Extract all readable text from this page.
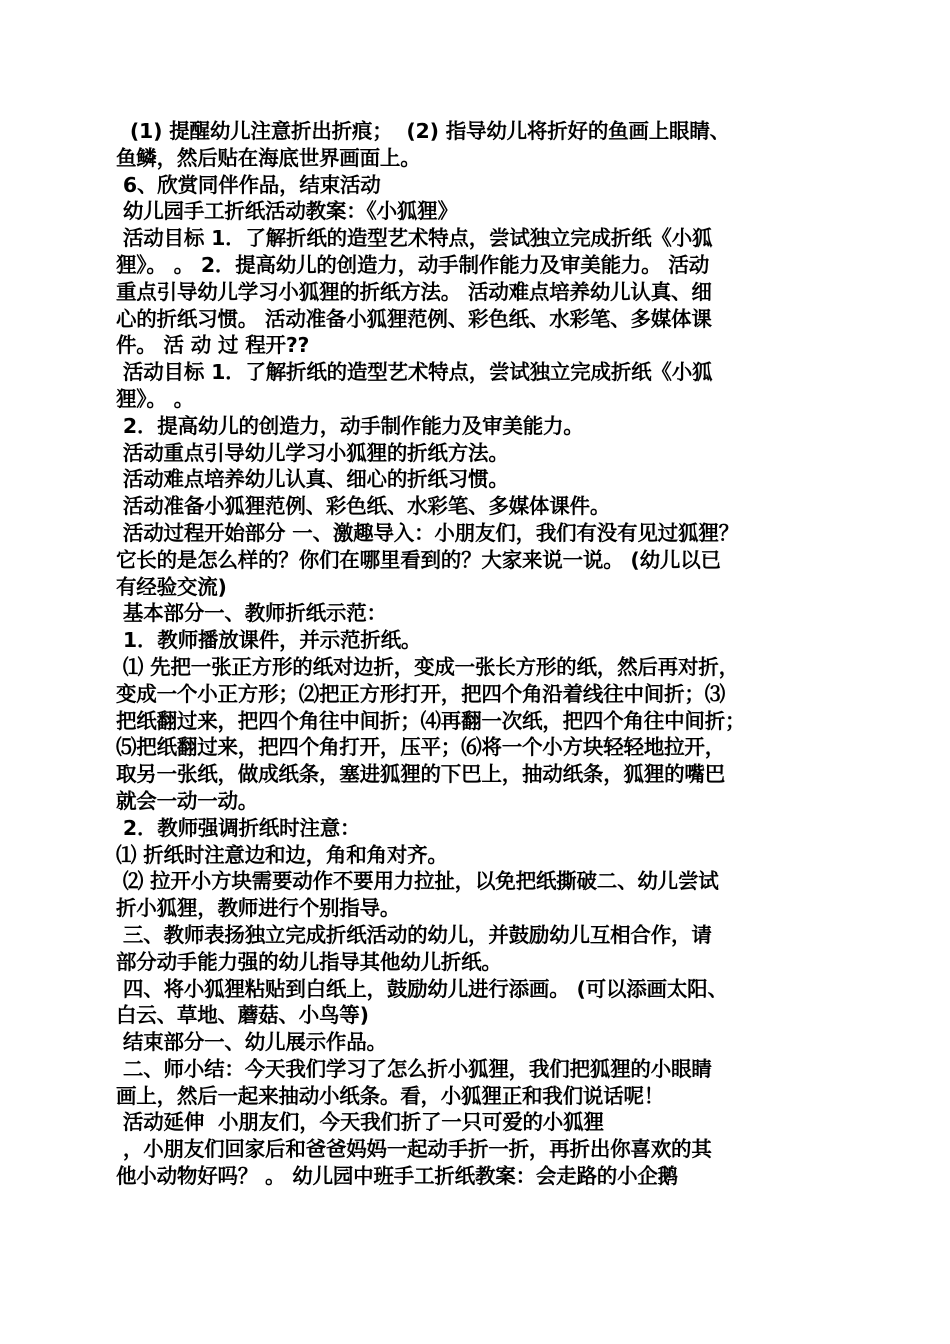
(1) 提醒幼儿注意折出折痕；  (2) 指导幼儿将折好的鱼画上眼睛、
鱼鳞，然后贴在海底世界画面上。
6、欣赏同伴作品，结束活动
幼儿园手工折纸活动教案：《小狐狸》
活动目标 1．了解折纸的造型艺术特点，尝试独立完成折纸《小狐
狸》。 。 2．提高幼儿的创造力，动手制作能力及审美能力。 活动
重点引导幼儿学习小狐狸的折纸方法。 活动难点培养幼儿认真、细
心的折纸习惯。 活动准备小狐狸范例、彩色纸、水彩笔、多媒体课
件。 活 动 过 程开??
活动目标 1．了解折纸的造型艺术特点，尝试独立完成折纸《小狐
狸》。 。
2．提高幼儿的创造力，动手制作能力及审美能力。
活动重点引导幼儿学习小狐狸的折纸方法。
活动难点培养幼儿认真、细心的折纸习惯。
活动准备小狐狸范例、彩色纸、水彩笔、多媒体课件。
活动过程开始部分 一、激趣导入：小朋友们，我们有没有见过狐狸？
它长的是怎么样的？你们在哪里看到的？大家来说一说。 (幼儿以已
有经验交流)
基本部分一、教师折纸示范：
1．教师播放课件，并示范折纸。
⑴ 先把一张正方形的纸对边折，变成一张长方形的纸，然后再对折，
变成一个小正方形；⑵把正方形打开，把四个角沿着线往中间折；⑶
把纸翻过来，把四个角往中间折；⑷再翻一次纸，把四个角往中间折；
⑸把纸翻过来，把四个角打开，压平；⑹将一个小方块轻轻地拉开，
取另一张纸，做成纸条，塞进狐狸的下巴上，抽动纸条，狐狸的嘴巴
就会一动一动。
2．教师强调折纸时注意：
⑴ 折纸时注意边和边，角和角对齐。
⑵ 拉开小方块需要动作不要用力拉扯，以免把纸撕破二、幼儿尝试
折小狐狸，教师进行个别指导。
三、教师表扬独立完成折纸活动的幼儿，并鼓励幼儿互相合作，请
部分动手能力强的幼儿指导其他幼儿折纸。
四、将小狐狸粘贴到白纸上，鼓励幼儿进行添画。 (可以添画太阳、
白云、草地、蘑菇、小鸟等)
结束部分一、幼儿展示作品。
二、师小结：今天我们学习了怎么折小狐狸，我们把狐狸的小眼睛
画上，然后一起来抽动小纸条。看，小狐狸正和我们说话呢！
活动延伸  小朋友们，今天我们折了一只可爱的小狐狸
，小朋友们回家后和爸爸妈妈一起动手折一折，再折出你喜欢的其
他小动物好吗？ 。 幼儿园中班手工折纸教案：会走路的小企鹅
